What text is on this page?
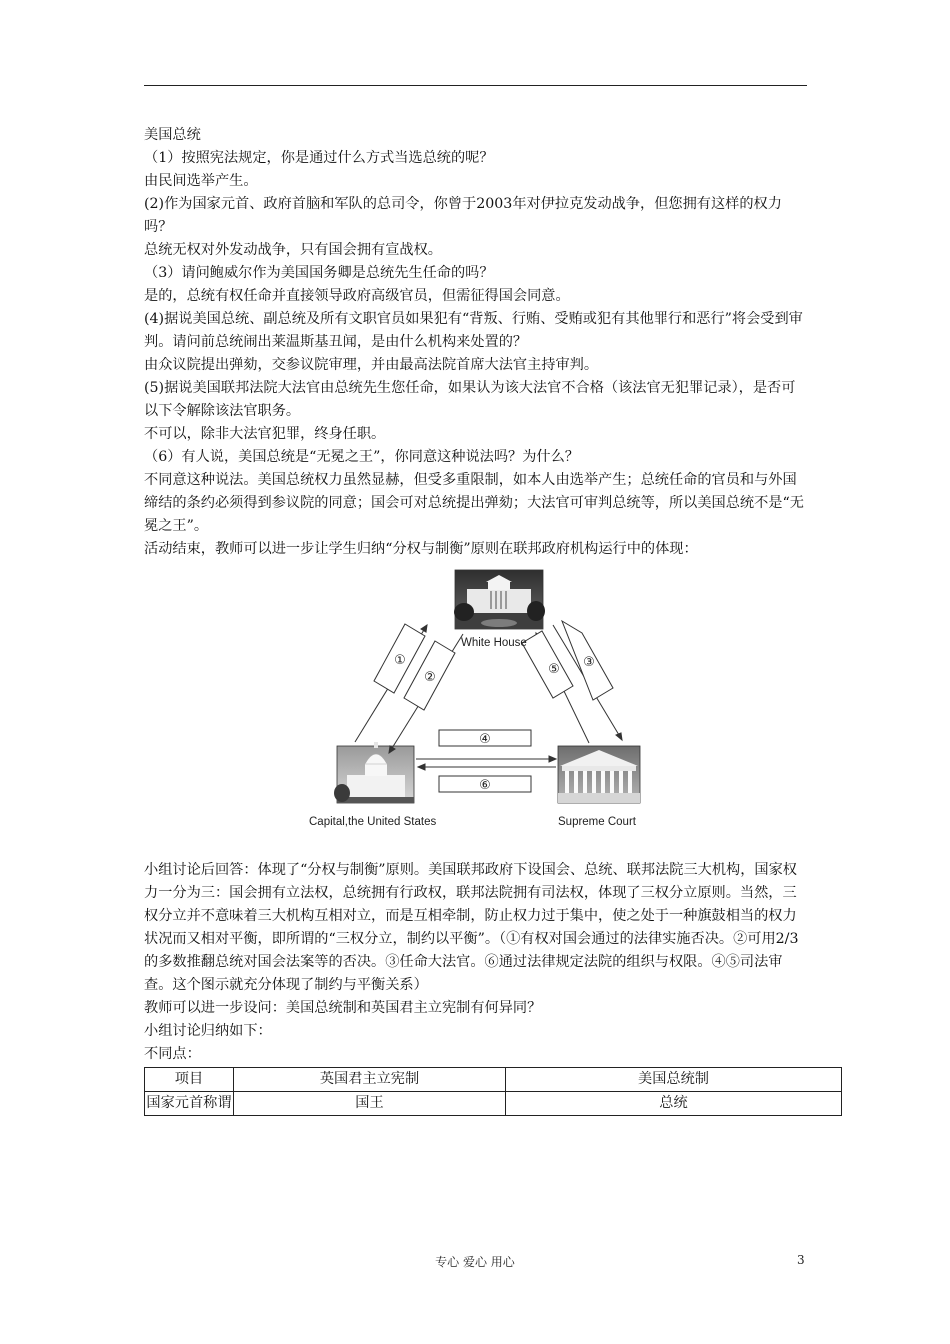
美国总统

（1）按照宪法规定，你是通过什么方式当选总统的呢？

由民间选举产生。

(2)作为国家元首、政府首脑和军队的总司令，你曾于2003年对伊拉克发动战争，但您拥有这样的权力吗？

总统无权对外发动战争，只有国会拥有宣战权。

（3）请问鲍威尔作为美国国务卿是总统先生任命的吗？

是的，总统有权任命并直接领导政府高级官员，但需征得国会同意。

(4)据说美国总统、副总统及所有文职官员如果犯有“背叛、行贿、受贿或犯有其他罪行和恶行”将会受到审判。请问前总统闹出莱温斯基丑闻，是由什么机构来处置的？

由众议院提出弹劾，交参议院审理，并由最高法院首席大法官主持审判。

(5)据说美国联邦法院大法官由总统先生您任命，如果认为该大法官不合格（该法官无犯罪记录），是否可以下令解除该法官职务。

不可以，除非大法官犯罪，终身任职。

（6）有人说，美国总统是“无冕之王”，你同意这种说法吗？为什么？

不同意这种说法。美国总统权力虽然显赫，但受多重限制，如本人由选举产生；总统任命的官员和与外国缔结的条约必须得到参议院的同意；国会可对总统提出弹劾；大法官可审判总统等，所以美国总统不是“无冕之王”。

活动结束，教师可以进一步让学生归纳“分权与制衡”原则在联邦政府机构运行中的体现：

①
②
③
④
⑤
⑥
White House
Capital,the United States	Supreme Court

小组讨论后回答：体现了“分权与制衡”原则。美国联邦政府下设国会、总统、联邦法院三大机构，国家权力一分为三：国会拥有立法权，总统拥有行政权，联邦法院拥有司法权，体现了三权分立原则。当然，三权分立并不意味着三大机构互相对立，而是互相牵制，防止权力过于集中，使之处于一种旗鼓相当的权力状况而又相对平衡，即所谓的“三权分立，制约以平衡”。（①有权对国会通过的法律实施否决。②可用2/3的多数推翻总统对国会法案等的否决。③任命大法官。⑥通过法律规定法院的组织与权限。④⑤司法审查。这个图示就充分体现了制约与平衡关系）

教师可以进一步设问：美国总统制和英国君主立宪制有何异同？

小组讨论归纳如下：

不同点：

项目	英国君主立宪制	美国总统制
国家元首称谓	国王	总统
专心 爱心 用心	3
